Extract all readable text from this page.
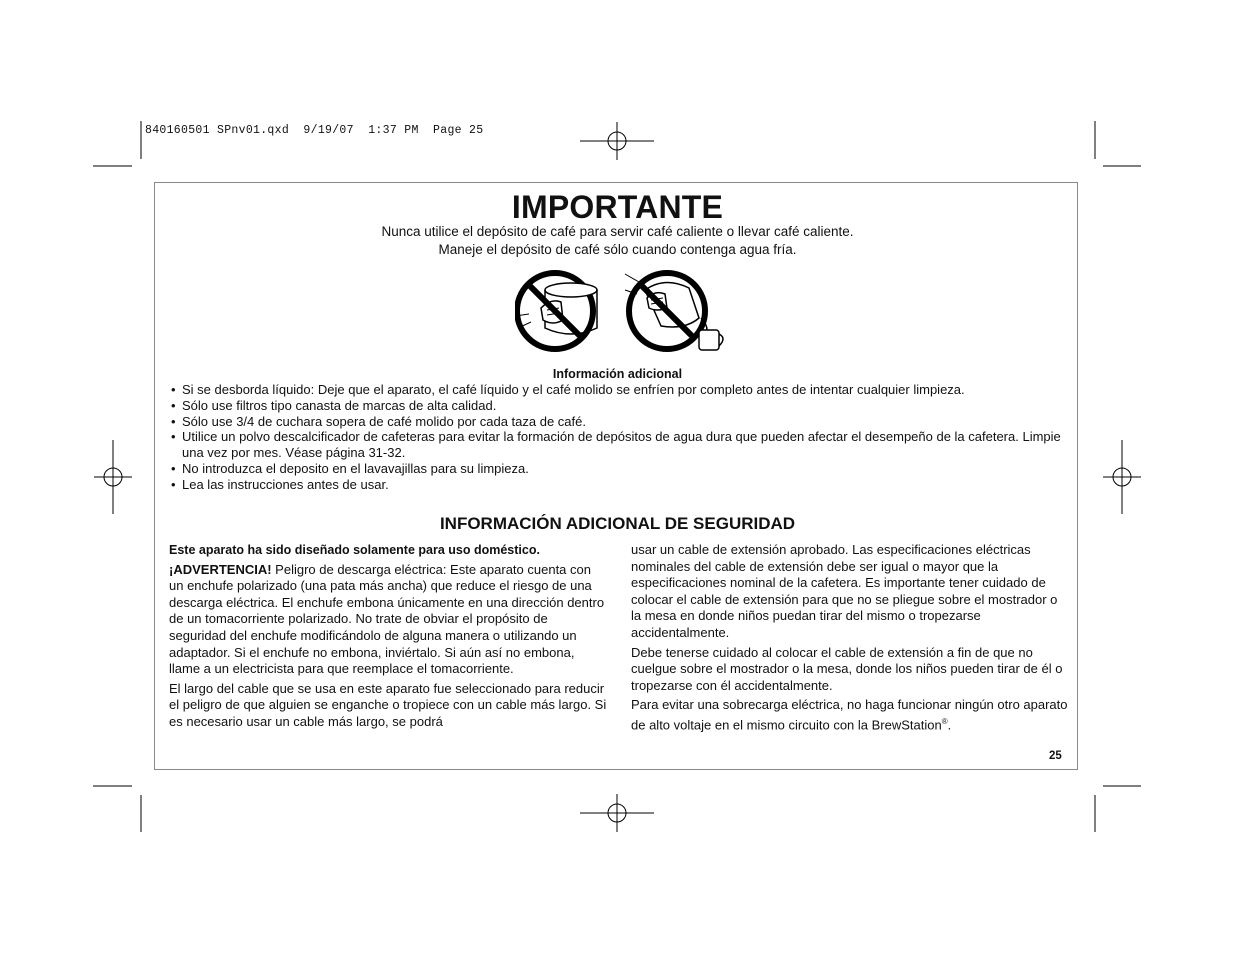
840160501 SPnv01.qxd  9/19/07  1:37 PM  Page 25
IMPORTANTE
Nunca utilice el depósito de café para servir café caliente o llevar café caliente.
Maneje el depósito de café sólo cuando contenga agua fría.
Información adicional
• Si se desborda líquido: Deje que el aparato, el café líquido y el café molido se enfríen por completo antes de intentar cualquier limpieza.
• Sólo use filtros tipo canasta de marcas de alta calidad.
• Sólo use 3/4 de cuchara sopera de café molido por cada taza de café.
• Utilice un polvo descalcificador de cafeteras para evitar la formación de depósitos de agua dura que pueden afectar el desempeño de la cafetera. Limpie una vez por mes. Véase página 31-32.
• No introduzca el deposito en el lavavajillas para su limpieza.
• Lea las instrucciones antes de usar.
INFORMACIÓN ADICIONAL DE SEGURIDAD

Este aparato ha sido diseñado solamente para uso doméstico.

¡ADVERTENCIA! Peligro de descarga eléctrica: Este aparato cuenta con un enchufe polarizado (una pata más ancha) que reduce el riesgo de una descarga eléctrica. El enchufe embona únicamente en una dirección dentro de un tomacorriente polarizado. No trate de obviar el propósito de seguridad del enchufe modificándolo de alguna manera o utilizando un adaptador. Si el enchufe no embona, inviértalo. Si aún así no embona, llame a un electricista para que reemplace el tomacorriente.

El largo del cable que se usa en este aparato fue seleccionado para reducir el peligro de que alguien se enganche o tropiece con un cable más largo. Si es necesario usar un cable más largo, se podrá

usar un cable de extensión aprobado. Las especificaciones eléctricas nominales del cable de extensión debe ser igual o mayor que la especificaciones nominal de la cafetera. Es importante tener cuidado de colocar el cable de extensión para que no se pliegue sobre el mostrador o la mesa en donde niños puedan tirar del mismo o tropezarse accidentalmente.

Debe tenerse cuidado al colocar el cable de extensión a fin de que no cuelgue sobre el mostrador o la mesa, donde los niños pueden tirar de él o tropezarse con él accidentalmente.

Para evitar una sobrecarga eléctrica, no haga funcionar ningún otro aparato de alto voltaje en el mismo circuito con la BrewStation®.

25
